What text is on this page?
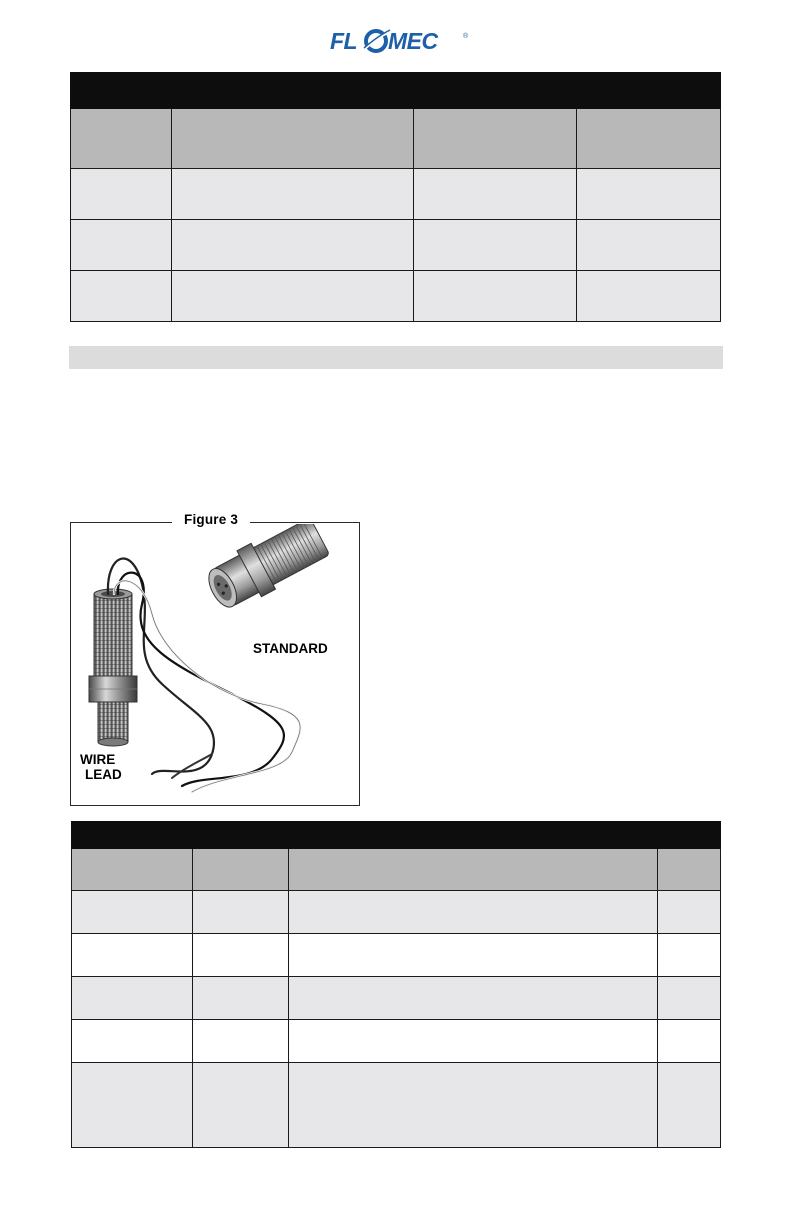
FL MEC	®

Figure 3
STANDARD
WIRE
LEAD
